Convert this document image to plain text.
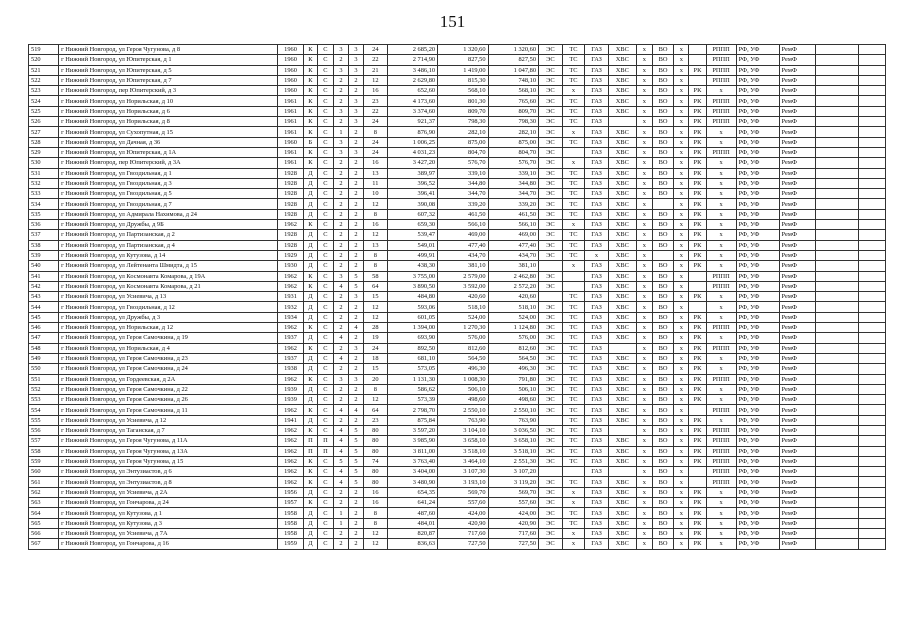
151
519	г Нижний Новгород, ул Героя Чугунова, д 8	1960	К	С	3	3	24	2 685,20	1 320,60	1 320,60	ЭС	ТС	ГАЗ	ХВС	х	ВО	х		РППП	РФ, УФ	РемФ		
520	г Нижний Новгород, ул Юпитерская, д 1	1960	К	С	2	3	22	2 714,90	827,50	827,50	ЭС	ТС	ГАЗ	ХВС	х	ВО	х		РППП	РФ, УФ	РемФ		
521	г Нижний Новгород, ул Юпитерская, д 5	1960	К	С	3	3	21	3 486,10	1 419,00	1 047,80	ЭС	ТС	ГАЗ	ХВС	х	ВО	х	РК	РППП	РФ, УФ	РемФ		
522	г Нижний Новгород, ул Юпитерская, д 7	1960	К	С	2	2	12	2 629,80	815,30	748,10	ЭС	ТС	ГАЗ	ХВС	х	ВО	х		РППП	РФ, УФ	РемФ		
523	г Нижний Новгород, пер Юпитерский, д 3	1960	К	С	2	2	16	652,60	568,10	568,10	ЭС	х	ГАЗ	ХВС	х	ВО	х	РК	х	РФ, УФ	РемФ		
524	г Нижний Новгород, ул Норильская, д 10	1961	К	С	2	3	23	4 173,60	801,30	765,60	ЭС	ТС	ГАЗ	ХВС	х	ВО	х	РК	РППП	РФ, УФ	РемФ		
525	г Нижний Новгород, ул Норильская, д 6	1961	К	С	3	3	22	3 374,60	809,70	809,70	ЭС	ТС	ГАЗ	ХВС	х	ВО	х	РК	РППП	РФ, УФ	РемФ		
526	г Нижний Новгород, ул Норильская, д 8	1961	К	С	2	3	24	921,37	798,30	798,30	ЭС	ТС	ГАЗ		х	ВО	х	РК	РППП	РФ, УФ	РемФ		
527	г Нижний Новгород, ул Сухопутная, д 15	1961	К	С	1	2	8	876,90	282,10	282,10	ЭС	х	ГАЗ	ХВС	х	ВО	х	РК	х	РФ, УФ	РемФ		
528	г Нижний Новгород, ул Дачная, д 36	1960	Б	С	3	2	24	1 006,25	875,00	875,00	ЭС	ТС	ГАЗ	ХВС	х	ВО	х	РК	х	РФ, УФ	РемФ		
529	г Нижний Новгород, ул Юпитерская, д 1А	1961	К	С	3	3	24	4 031,23	804,70	804,70	ЭС		ГАЗ	ХВС	х	ВО	х	РК	РППП	РФ, УФ	РемФ		
530	г Нижний Новгород, пер Юпитерский, д 3А	1961	К	С	2	2	16	3 427,20	576,70	576,70	ЭС	х	ГАЗ	ХВС	х	ВО	х	РК	х	РФ, УФ	РемФ		
531	г Нижний Новгород, ул Гвоздильная, д 1	1928	Д	С	2	2	13	389,97	339,10	339,10	ЭС	ТС	ГАЗ	ХВС	х	ВО	х	РК	х	РФ, УФ	РемФ		
532	г Нижний Новгород, ул Гвоздильная, д 3	1928	Д	С	2	2	11	396,52	344,80	344,80	ЭС	ТС	ГАЗ	ХВС	х	ВО	х	РК	х	РФ, УФ	РемФ		
533	г Нижний Новгород, ул Гвоздильная, д 5	1928	Д	С	2	2	10	396,41	344,70	344,70	ЭС	ТС	ГАЗ	ХВС	х	ВО	х	РК	х	РФ, УФ	РемФ		
534	г Нижний Новгород, ул Гвоздильная, д 7	1928	Д	С	2	2	12	390,08	339,20	339,20	ЭС	ТС	ГАЗ	ХВС	х		х	РК	х	РФ, УФ	РемФ		
535	г Нижний Новгород, ул Адмирала Нахимова, д 24	1928	Д	С	2	2	8	607,32	461,50	461,50	ЭС	ТС	ГАЗ	ХВС	х	ВО	х	РК	х	РФ, УФ	РемФ		
536	г Нижний Новгород, ул Дружбы, д 9Б	1962	К	С	2	2	16	659,30	566,10	566,10	ЭС	х	ГАЗ	ХВС	х	ВО	х	РК	х	РФ, УФ	РемФ		
537	г Нижний Новгород, ул Партизанская, д 2	1928	Д	С	2	2	12	539,47	469,00	469,00	ЭС	ТС	ГАЗ	ХВС	х	ВО	х	РК	х	РФ, УФ	РемФ		
538	г Нижний Новгород, ул Партизанская, д 4	1928	Д	С	2	2	13	549,01	477,40	477,40	ЭС	ТС	ГАЗ	ХВС	х	ВО	х	РК	х	РФ, УФ	РемФ		
539	г Нижний Новгород, ул Кутузова, д 14	1929	Д	С	2	2	8	499,91	434,70	434,70	ЭС	ТС	х	ХВС	х		х	РК	х	РФ, УФ	РемФ		
540	г Нижний Новгород, ул Лейтенанта Шмидта, д 15	1930	Д	С	2	2	8	438,30	381,10	381,10		х	ГАЗ	ХВС	х	ВО	х	РК	х	РФ, УФ	РемФ		
541	г Нижний Новгород, ул Космонавта Комарова, д 19А	1962	К	С	3	5	58	3 755,00	2 579,00	2 462,80	ЭС		ГАЗ	ХВС	х	ВО	х		РППП	РФ, УФ	РемФ		
542	г Нижний Новгород, ул Космонавта Комарова, д 21	1962	К	С	4	5	64	3 890,50	3 592,00	2 572,20	ЭС		ГАЗ	ХВС	х	ВО	х		РППП	РФ, УФ	РемФ		
543	г Нижний Новгород, ул Усиевича, д 13	1931	Д	С	2	3	15	484,80	420,60	420,60		ТС	ГАЗ	ХВС	х	ВО	х	РК	х	РФ, УФ	РемФ		
544	г Нижний Новгород, ул Гвоздильная, д 12	1932	Д	С	2	2	12	593,06	518,10	518,10	ЭС	ТС	ГАЗ	ХВС	х	ВО	х		х	РФ, УФ	РемФ		
545	г Нижний Новгород, ул Дружбы, д 3	1934	Д	С	2	2	12	601,05	524,00	524,00	ЭС	ТС	ГАЗ	ХВС	х	ВО	х	РК	х	РФ, УФ	РемФ		
546	г Нижний Новгород, ул Норильская, д 12	1962	К	С	2	4	28	1 394,00	1 270,30	1 124,80	ЭС	ТС	ГАЗ	ХВС	х	ВО	х	РК	РППП	РФ, УФ	РемФ		
547	г Нижний Новгород, ул Героя Самочкина, д 19	1937	Д	С	4	2	19	693,90	576,00	576,00	ЭС	ТС	ГАЗ	ХВС	х	ВО	х	РК	х	РФ, УФ	РемФ		
548	г Нижний Новгород, ул Норильская, д 4	1962	К	С	2	3	24	892,50	812,60	812,60	ЭС	ТС	ГАЗ		х	ВО	х	РК	РППП	РФ, УФ	РемФ		
549	г Нижний Новгород, ул Героя Самочкина, д 23	1937	Д	С	4	2	18	681,10	564,50	564,50	ЭС	ТС	ГАЗ	ХВС	х	ВО	х	РК	х	РФ, УФ	РемФ		
550	г Нижний Новгород, ул Героя Самочкина, д 24	1938	Д	С	2	2	15	573,05	496,30	496,30	ЭС	ТС	ГАЗ	ХВС	х	ВО	х	РК	х	РФ, УФ	РемФ		
551	г Нижний Новгород, ул Гордеевская, д 2А	1962	К	С	3	3	20	1 131,30	1 008,30	791,80	ЭС	ТС	ГАЗ	ХВС	х	ВО	х	РК	РППП	РФ, УФ	РемФ		
552	г Нижний Новгород, ул Героя Самочкина, д 22	1939	Д	С	2	2	8	586,62	506,10	506,10	ЭС	ТС	ГАЗ	ХВС	х	ВО	х	РК	х	РФ, УФ	РемФ		
553	г Нижний Новгород, ул Героя Самочкина, д 26	1939	Д	С	2	2	12	573,39	498,60	498,60	ЭС	ТС	ГАЗ	ХВС	х	ВО	х	РК	х	РФ, УФ	РемФ		
554	г Нижний Новгород, ул Героя Самочкина, д 11	1962	К	С	4	4	64	2 798,70	2 550,10	2 550,10	ЭС	ТС	ГАЗ	ХВС	х	ВО	х		РППП	РФ, УФ	РемФ		
555	г Нижний Новгород, ул Усиевича, д 12	1941	Д	С	2	2	23	875,84	763,90	763,90		ТС	ГАЗ	ХВС	х	ВО	х	РК	х	РФ, УФ	РемФ		
556	г Нижний Новгород, ул Таганская, д 7	1962	К	С	4	5	80	3 597,20	3 104,10	3 036,50	ЭС	ТС	ГАЗ		х	ВО	х	РК	РППП	РФ, УФ	РемФ		
557	г Нижний Новгород, ул Героя Чугунова, д 11А	1962	П	П	4	5	80	3 985,90	3 658,10	3 658,10	ЭС	ТС	ГАЗ	ХВС	х	ВО	х	РК	РППП	РФ, УФ	РемФ		
558	г Нижний Новгород, ул Героя Чугунова, д 13А	1962	П	П	4	5	80	3 811,00	3 518,10	3 518,10	ЭС	ТС	ГАЗ	ХВС	х	ВО	х	РК	РППП	РФ, УФ	РемФ		
559	г Нижний Новгород, ул Героя Чугунова, д 15	1962	К	С	5	5	74	3 763,40	3 464,10	2 551,30	ЭС	ТС	ГАЗ	ХВС	х	ВО	х	РК	РППП	РФ, УФ	РемФ		
560	г Нижний Новгород, ул Энтузиастов, д 6	1962	К	С	4	5	80	3 404,00	3 107,30	3 107,20			ГАЗ		х	ВО	х		РППП	РФ, УФ	РемФ		
561	г Нижний Новгород, ул Энтузиастов, д 8	1962	К	С	4	5	80	3 480,90	3 193,10	3 119,20	ЭС	ТС	ГАЗ	ХВС	х	ВО	х		РППП	РФ, УФ	РемФ		
562	г Нижний Новгород, ул Усиевича, д 2А	1956	Д	С	2	2	16	654,35	569,70	569,70	ЭС	х	ГАЗ	ХВС	х	ВО	х	РК	х	РФ, УФ	РемФ		
563	г Нижний Новгород, ул Гончарова, д 24	1957	К	С	2	2	16	641,24	557,60	557,60	ЭС	х	ГАЗ	ХВС	х	ВО	х	РК	х	РФ, УФ	РемФ		
564	г Нижний Новгород, ул Кутузова, д 1	1958	Д	С	1	2	8	487,60	424,00	424,00	ЭС	ТС	ГАЗ	ХВС	х	ВО	х	РК	х	РФ, УФ	РемФ		
565	г Нижний Новгород, ул Кутузова, д 3	1958	Д	С	1	2	8	484,01	420,90	420,90	ЭС	ТС	ГАЗ	ХВС	х	ВО	х	РК	х	РФ, УФ	РемФ		
566	г Нижний Новгород, ул Усиевича, д 7А	1958	Д	С	2	2	12	820,87	717,60	717,60	ЭС	х	ГАЗ	ХВС	х	ВО	х	РК	х	РФ, УФ	РемФ		
567	г Нижний Новгород, ул Гончарова, д 16	1959	Д	С	2	2	12	836,63	727,50	727,50	ЭС	х	ГАЗ	ХВС	х	ВО	х	РК	х	РФ, УФ	РемФ		
